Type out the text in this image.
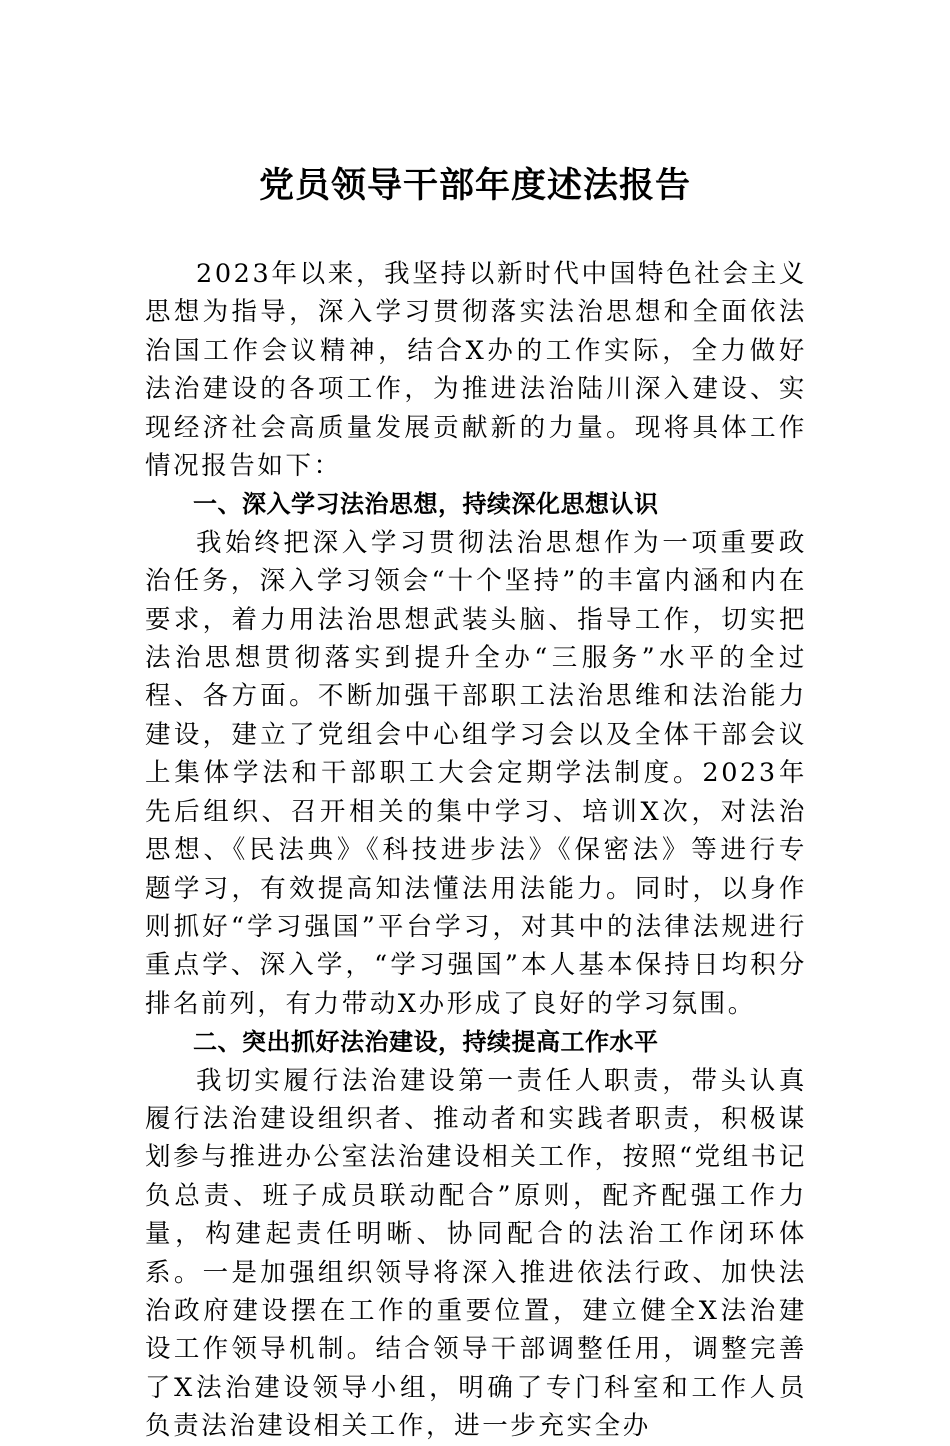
党员领导干部年度述法报告

2023年以来，我坚持以新时代中国特色社会主义思想为指导，深入学习贯彻落实法治思想和全面依法治国工作会议精神，结合X办的工作实际，全力做好法治建设的各项工作，为推进法治陆川深入建设、实现经济社会高质量发展贡献新的力量。现将具体工作情况报告如下：

一、深入学习法治思想，持续深化思想认识

我始终把深入学习贯彻法治思想作为一项重要政治任务，深入学习领会“十个坚持”的丰富内涵和内在要求，着力用法治思想武装头脑、指导工作，切实把法治思想贯彻落实到提升全办“三服务”水平的全过程、各方面。不断加强干部职工法治思维和法治能力建设，建立了党组会中心组学习会以及全体干部会议上集体学法和干部职工大会定期学法制度。2023年先后组织、召开相关的集中学习、培训X次，对法治思想、《民法典》《科技进步法》《保密法》等进行专题学习，有效提高知法懂法用法能力。同时，以身作则抓好“学习强国”平台学习，对其中的法律法规进行重点学、深入学，“学习强国”本人基本保持日均积分排名前列，有力带动X办形成了良好的学习氛围。

二、突出抓好法治建设，持续提高工作水平

我切实履行法治建设第一责任人职责，带头认真履行法治建设组织者、推动者和实践者职责，积极谋划参与推进办公室法治建设相关工作，按照“党组书记负总责、班子成员联动配合”原则，配齐配强工作力量，构建起责任明晰、协同配合的法治工作闭环体系。一是加强组织领导将深入推进依法行政、加快法治政府建设摆在工作的重要位置，建立健全X法治建设工作领导机制。结合领导干部调整任用，调整完善了X法治建设领导小组，明确了专门科室和工作人员负责法治建设相关工作，进一步充实全办
